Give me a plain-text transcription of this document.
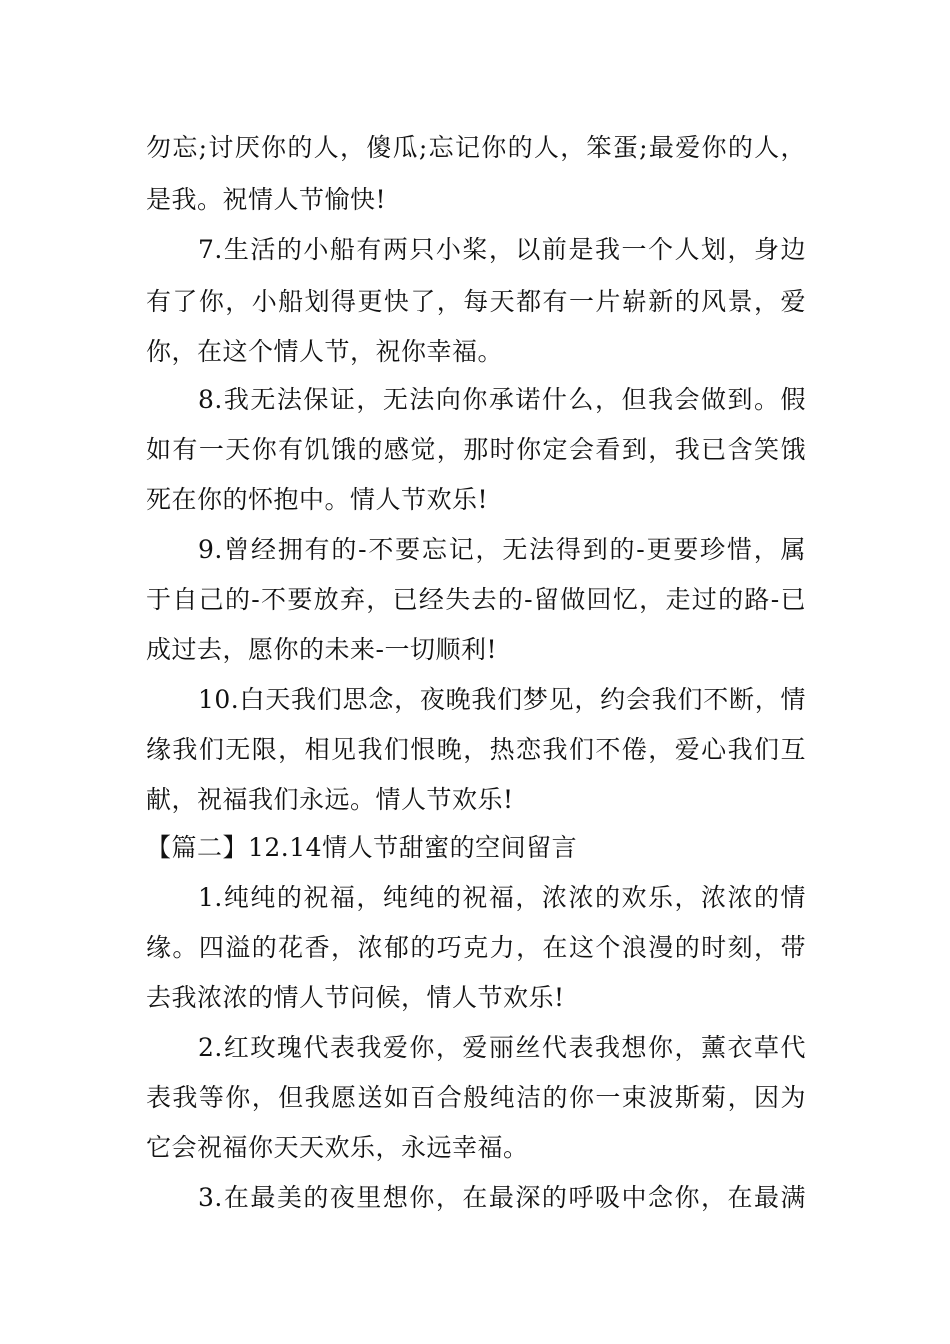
勿忘;讨厌你的人，傻瓜;忘记你的人，笨蛋;最爱你的人，
是我。祝情人节愉快!
7.生活的小船有两只小桨，以前是我一个人划，身边
有了你，小船划得更快了，每天都有一片崭新的风景，爱
你，在这个情人节，祝你幸福。
8.我无法保证，无法向你承诺什么，但我会做到。假
如有一天你有饥饿的感觉，那时你定会看到，我已含笑饿
死在你的怀抱中。情人节欢乐!
9.曾经拥有的-不要忘记，无法得到的-更要珍惜，属
于自己的-不要放弃，已经失去的-留做回忆，走过的路-已
成过去，愿你的未来-一切顺利!
10.白天我们思念，夜晚我们梦见，约会我们不断，情
缘我们无限，相见我们恨晚，热恋我们不倦，爱心我们互
献，祝福我们永远。情人节欢乐!
【篇二】12.14情人节甜蜜的空间留言
1.纯纯的祝福，纯纯的祝福，浓浓的欢乐，浓浓的情
缘。四溢的花香，浓郁的巧克力，在这个浪漫的时刻，带
去我浓浓的情人节问候，情人节欢乐!
2.红玫瑰代表我爱你，爱丽丝代表我想你，薰衣草代
表我等你，但我愿送如百合般纯洁的你一束波斯菊，因为
它会祝福你天天欢乐，永远幸福。
3.在最美的夜里想你，在最深的呼吸中念你，在最满
